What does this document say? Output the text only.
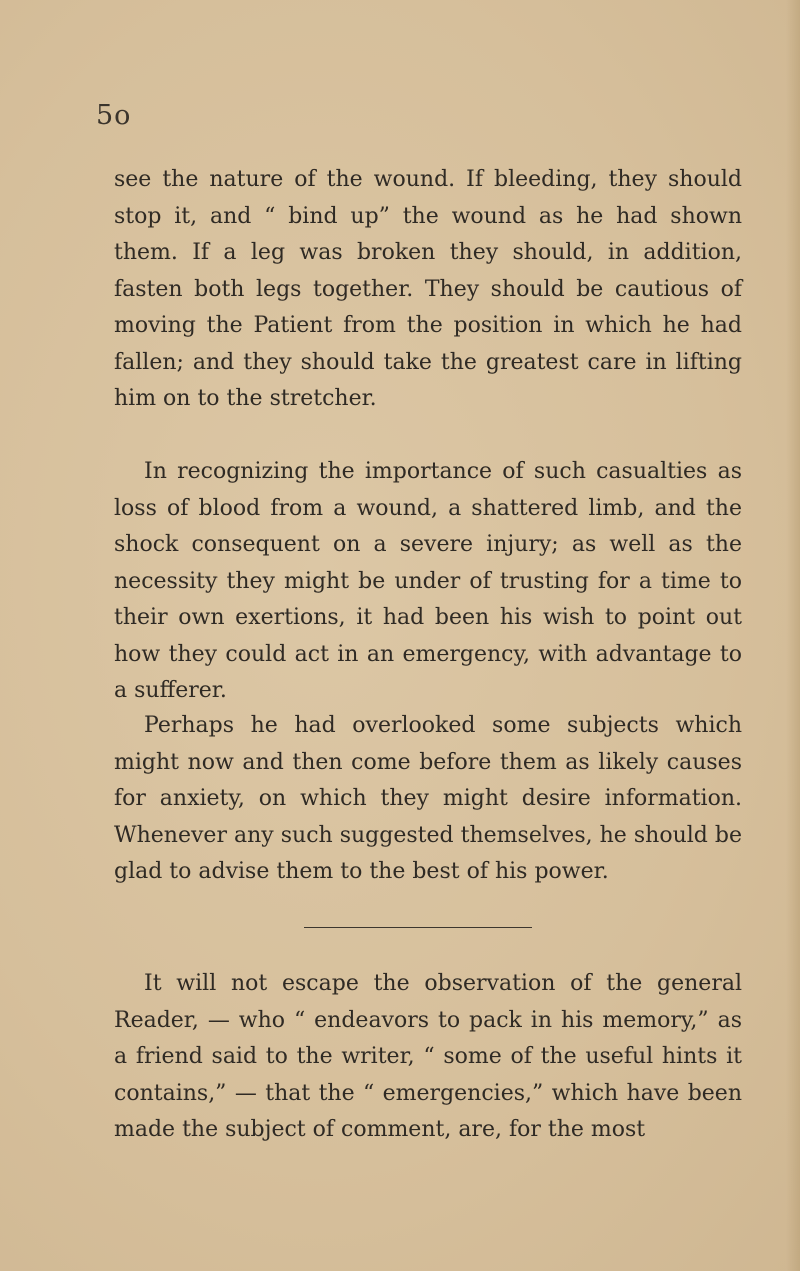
5o

see the nature of the wound. If bleeding, they should stop it, and “ bind up” the wound as he had shown them. If a leg was broken they should, in addition, fasten both legs together. They should be cautious of moving the Patient from the position in which he had fallen; and they should take the greatest care in lifting him on to the stretcher.

In recognizing the importance of such casualties as loss of blood from a wound, a shattered limb, and the shock consequent on a severe injury; as well as the necessity they might be under of trusting for a time to their own exertions, it had been his wish to point out how they could act in an emergency, with advantage to a sufferer.

Perhaps he had overlooked some subjects which might now and then come before them as likely causes for anxiety, on which they might desire information. Whenever any such suggested themselves, he should be glad to advise them to the best of his power.

It will not escape the observation of the general Reader, — who “ endeavors to pack in his memory,” as a friend said to the writer, “ some of the useful hints it contains,” — that the “ emergencies,” which have been made the subject of comment, are, for the most
